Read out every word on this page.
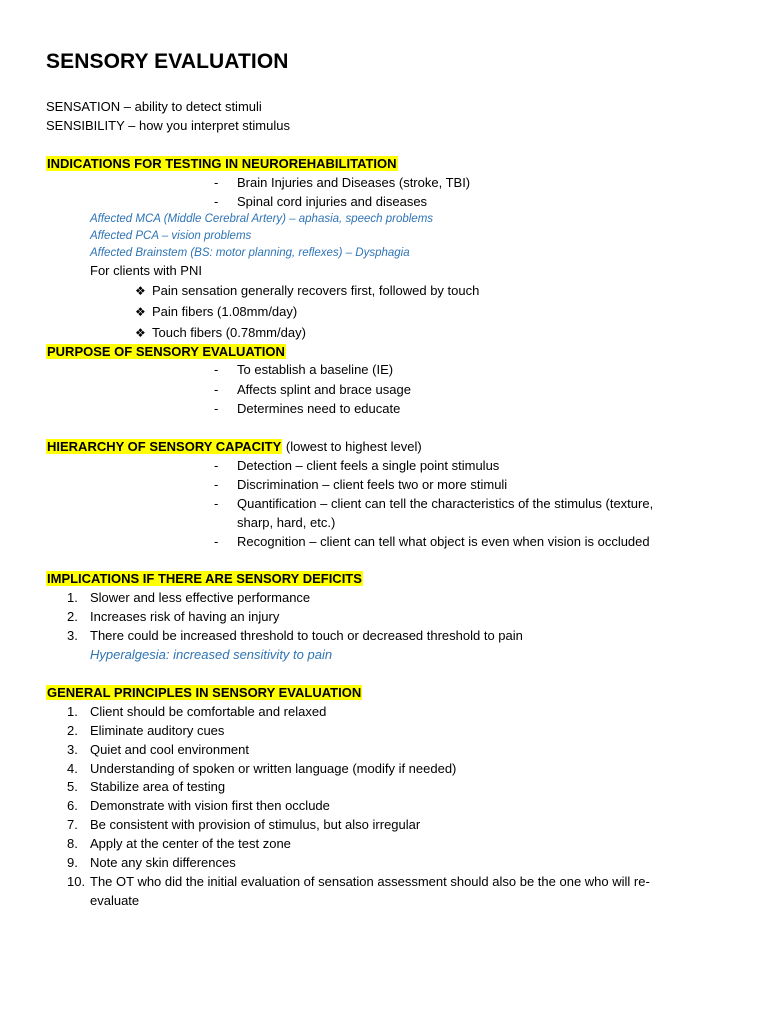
SENSORY EVALUATION
SENSATION – ability to detect stimuli
SENSIBILITY – how you interpret stimulus
INDICATIONS FOR TESTING IN NEUROREHABILITATION
- Brain Injuries and Diseases (stroke, TBI)
- Spinal cord injuries and diseases
Affected MCA (Middle Cerebral Artery) – aphasia, speech problems
Affected PCA – vision problems
Affected Brainstem (BS: motor planning, reflexes) – Dysphagia
For clients with PNI
❖ Pain sensation generally recovers first, followed by touch
❖ Pain fibers (1.08mm/day)
❖ Touch fibers (0.78mm/day)
PURPOSE OF SENSORY EVALUATION
- To establish a baseline (IE)
- Affects splint and brace usage
- Determines need to educate
HIERARCHY OF SENSORY CAPACITY (lowest to highest level)
- Detection – client feels a single point stimulus
- Discrimination – client feels two or more stimuli
- Quantification – client can tell the characteristics of the stimulus (texture,
sharp, hard, etc.)
- Recognition – client can tell what object is even when vision is occluded
IMPLICATIONS IF THERE ARE SENSORY DEFICITS
1. Slower and less effective performance
2. Increases risk of having an injury
3. There could be increased threshold to touch or decreased threshold to pain
Hyperalgesia: increased sensitivity to pain
GENERAL PRINCIPLES IN SENSORY EVALUATION
1. Client should be comfortable and relaxed
2. Eliminate auditory cues
3. Quiet and cool environment
4. Understanding of spoken or written language (modify if needed)
5. Stabilize area of testing
6. Demonstrate with vision first then occlude
7. Be consistent with provision of stimulus, but also irregular
8. Apply at the center of the test zone
9. Note any skin differences
10. The OT who did the initial evaluation of sensation assessment should also be the one who will re-
evaluate
